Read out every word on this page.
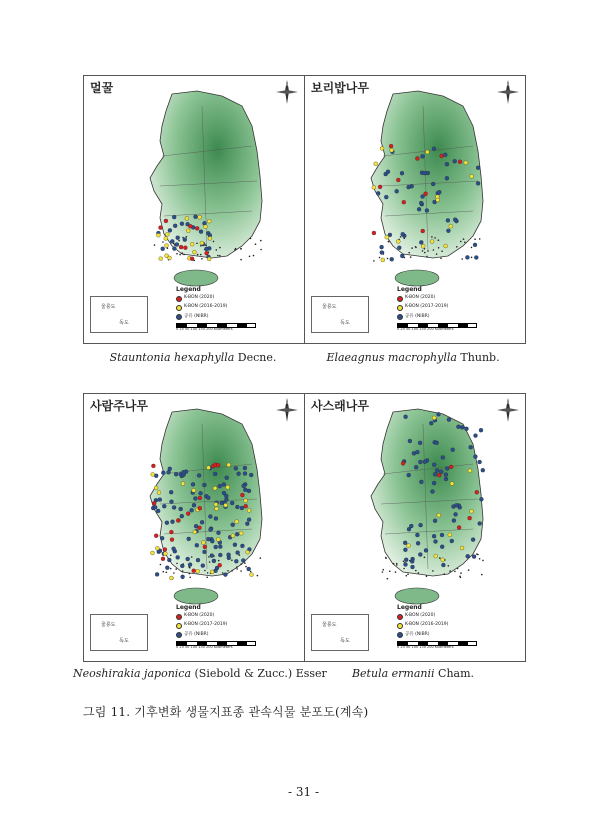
멀꿀	N
울릉도
독도
Legend
K-BON (2020)
K-BON (2016-2019)
공유 (NIBR)
0 25 50 100 150 200 Kilometers
보리밥나무	N
울릉도
독도
Legend
K-BON (2020)
K-BON (2017-2019)
공유 (NIBR)
0 25 50 100 150 200 Kilometers
사람주나무	N
울릉도
독도
Legend
K-BON (2020)
K-BON (2017-2019)
공유 (NIBR)
0 25 50 100 150 200 Kilometers
사스래나무	N
울릉도
독도
Legend
K-BON (2020)
K-BON (2016-2019)
공유 (NIBR)
0 25 50 100 150 200 Kilometers
Stauntonia hexaphylla Decne.	Elaeagnus macrophylla Thunb.
Neoshirakia japonica (Siebold & Zucc.) Esser	Betula ermanii Cham.
그림 11. 기후변화 생물지표종 관속식물 분포도(계속)
- 31 -
